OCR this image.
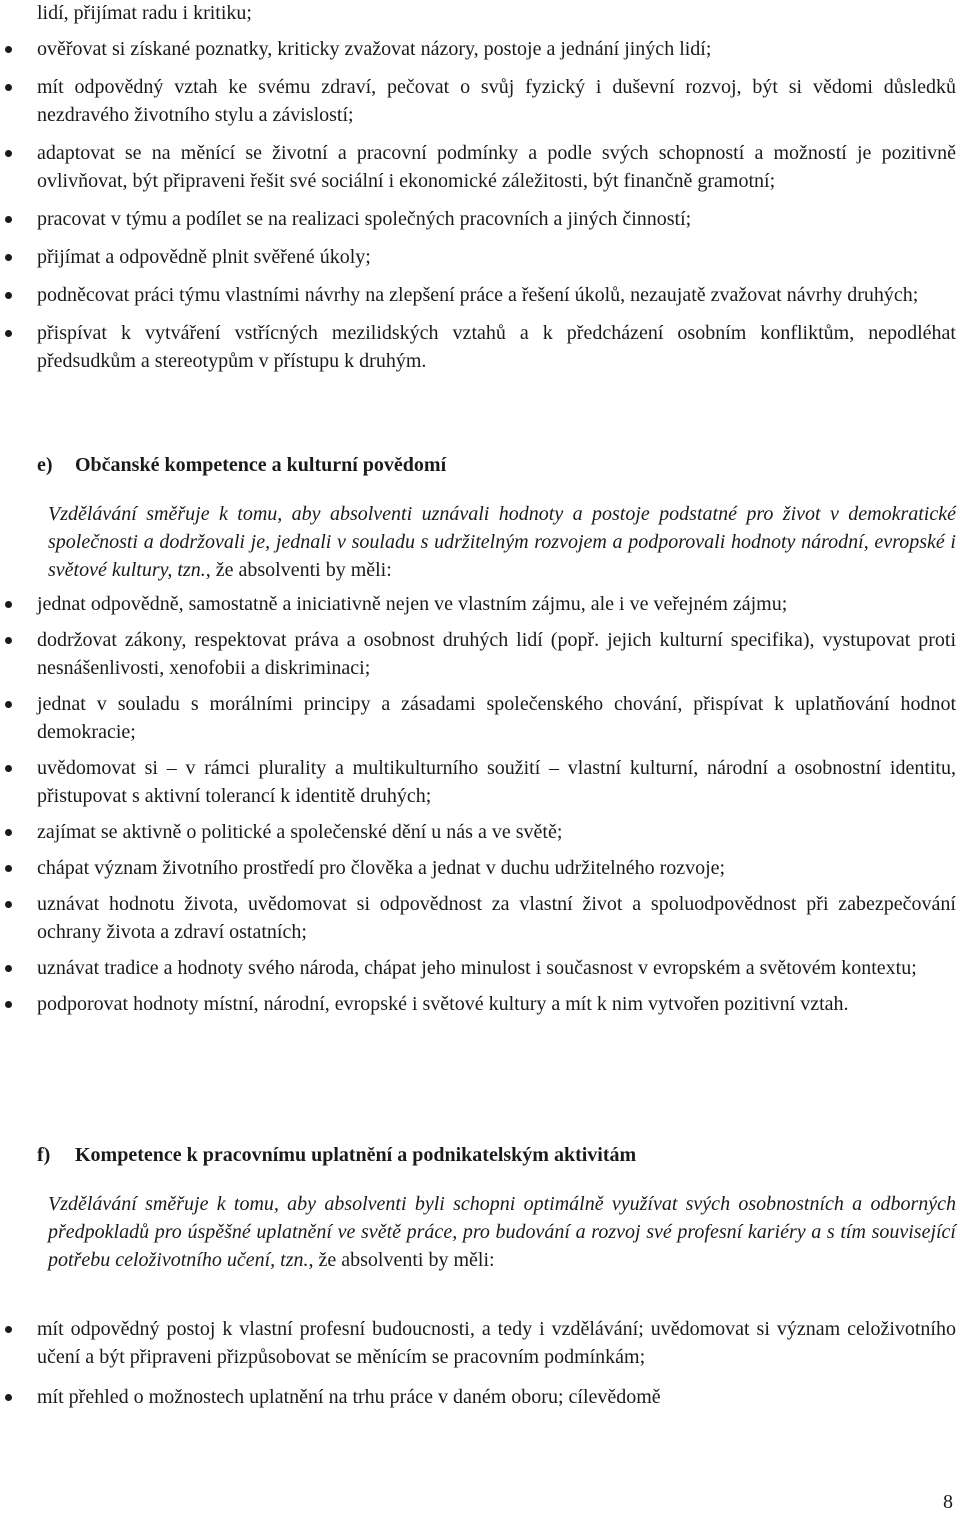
lidí, přijímat radu i kritiku;

ověřovat si získané poznatky, kriticky zvažovat názory, postoje a jednání jiných lidí;
mít odpovědný vztah ke svému zdraví, pečovat o svůj fyzický i duševní rozvoj, být si vědomi důsledků nezdravého životního stylu a závislostí;
adaptovat se na měnící se životní a pracovní podmínky a podle svých schopností a možností je pozitivně ovlivňovat, být připraveni řešit své sociální i ekonomické záležitosti, být finančně gramotní;
pracovat v týmu a podílet se na realizaci společných pracovních a jiných činností;
přijímat a odpovědně plnit svěřené úkoly;
podněcovat práci týmu vlastními návrhy na zlepšení práce a řešení úkolů, nezaujatě zvažovat návrhy druhých;
přispívat k vytváření vstřícných mezilidských vztahů a k předcházení osobním konfliktům, nepodléhat předsudkům a stereotypům v přístupu k druhým.
e) Občanské kompetence a kulturní povědomí

Vzdělávání směřuje k tomu, aby absolventi uznávali hodnoty a postoje podstatné pro život v demokratické společnosti a dodržovali je, jednali v souladu s udržitelným rozvojem a podporovali hodnoty národní, evropské i světové kultury, tzn., že absolventi by měli:

jednat odpovědně, samostatně a iniciativně nejen ve vlastním zájmu, ale i ve veřejném zájmu;
dodržovat zákony, respektovat práva a osobnost druhých lidí (popř. jejich kulturní specifika), vystupovat proti nesnášenlivosti, xenofobii a diskriminaci;
jednat v souladu s morálními principy a zásadami společenského chování, přispívat k uplatňování hodnot demokracie;
uvědomovat si – v rámci plurality a multikulturního soužití – vlastní kulturní, národní a osobnostní identitu, přistupovat s aktivní tolerancí k identitě druhých;
zajímat se aktivně o politické a společenské dění u nás a ve světě;
chápat význam životního prostředí pro člověka a jednat v duchu udržitelného rozvoje;
uznávat hodnotu života, uvědomovat si odpovědnost za vlastní život a spoluodpovědnost při zabezpečování ochrany života a zdraví ostatních;
uznávat tradice a hodnoty svého národa, chápat jeho minulost i současnost v evropském a světovém kontextu;
podporovat hodnoty místní, národní, evropské i světové kultury a mít k nim vytvořen pozitivní vztah.
f) Kompetence k pracovnímu uplatnění a podnikatelským aktivitám

Vzdělávání směřuje k tomu, aby absolventi byli schopni optimálně využívat svých osobnostních a odborných předpokladů pro úspěšné uplatnění ve světě práce, pro budování a rozvoj své profesní kariéry a s tím související potřebu celoživotního učení, tzn., že absolventi by měli:

mít odpovědný postoj k vlastní profesní budoucnosti, a tedy i vzdělávání; uvědomovat si význam celoživotního učení a být připraveni přizpůsobovat se měnícím se pracovním podmínkám;
mít přehled o možnostech uplatnění na trhu práce v daném oboru; cílevědomě

8
